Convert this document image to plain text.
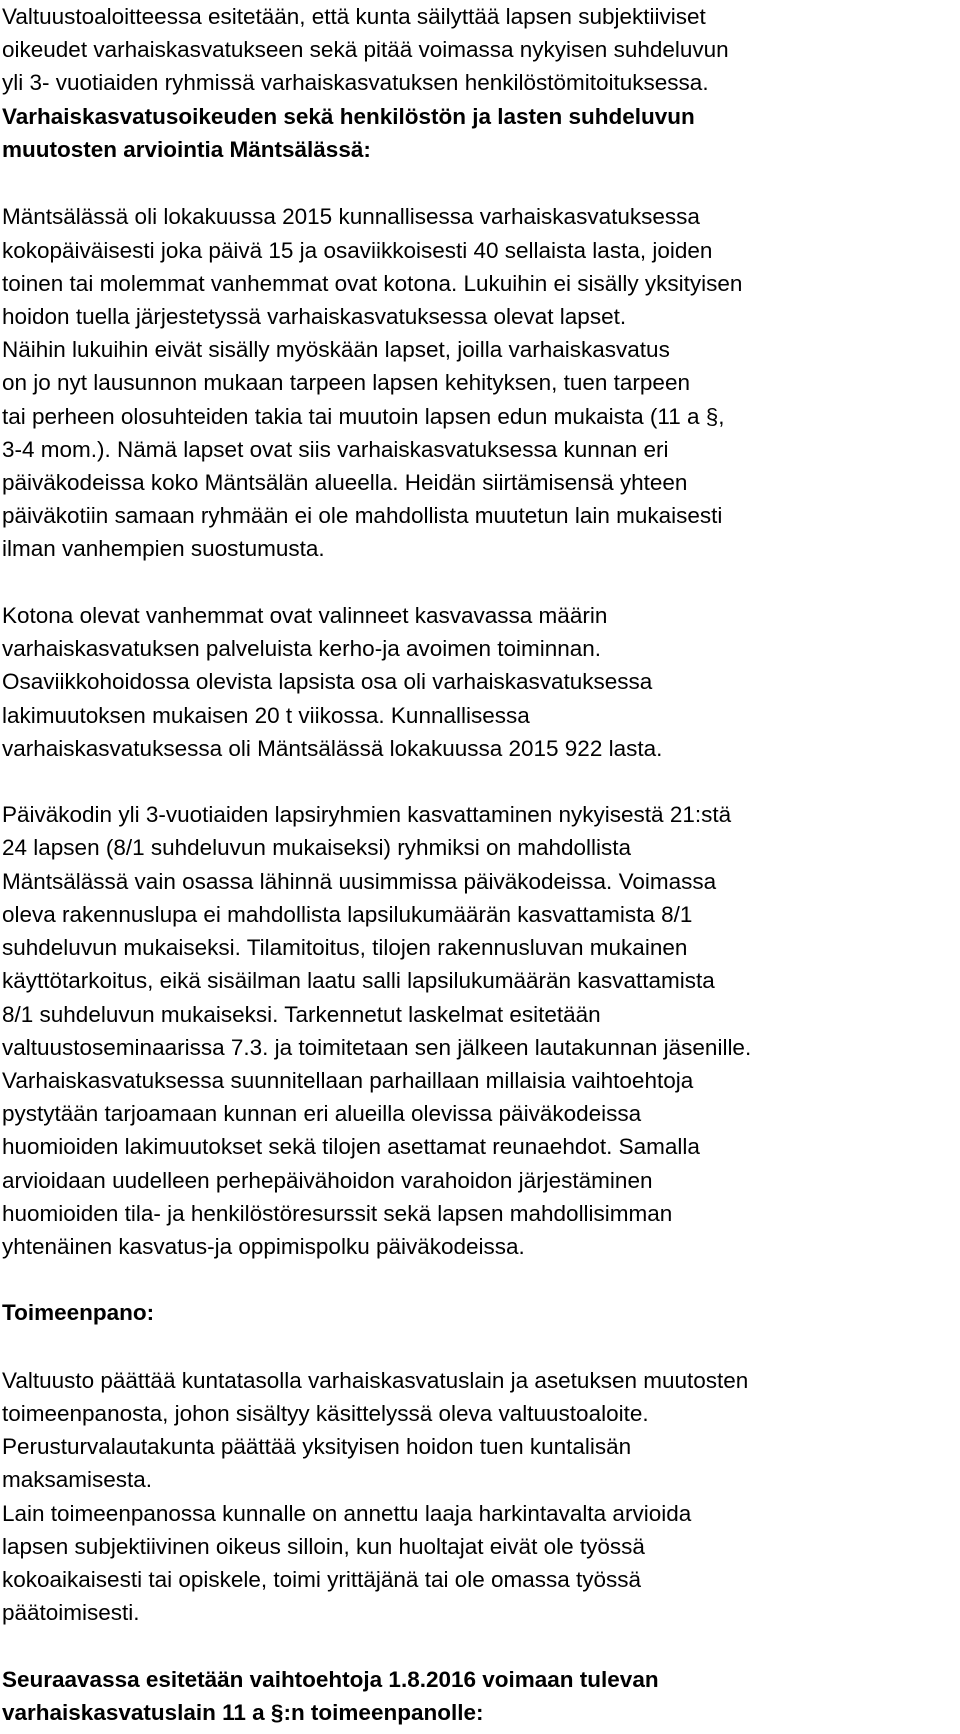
Valtuustoaloitteessa esitetään, että kunta säilyttää lapsen subjektiiviset

oikeudet varhaiskasvatukseen sekä pitää voimassa nykyisen suhdeluvun

yli 3- vuotiaiden ryhmissä varhaiskasvatuksen henkilöstömitoituksessa.

Varhaiskasvatusoikeuden sekä henkilöstön ja lasten suhdeluvun

muutosten arviointia Mäntsälässä:

Mäntsälässä oli lokakuussa 2015 kunnallisessa varhaiskasvatuksessa

kokopäiväisesti joka päivä 15 ja osaviikkoisesti 40 sellaista lasta, joiden

toinen tai molemmat vanhemmat ovat kotona. Lukuihin ei sisälly yksityisen

hoidon tuella järjestetyssä varhaiskasvatuksessa olevat lapset.

Näihin lukuihin eivät sisälly myöskään lapset, joilla varhaiskasvatus

on jo nyt lausunnon mukaan tarpeen lapsen kehityksen, tuen tarpeen

tai perheen olosuhteiden takia tai muutoin lapsen edun mukaista (11 a §,

3-4 mom.). Nämä lapset ovat siis varhaiskasvatuksessa kunnan eri

päiväkodeissa koko Mäntsälän alueella. Heidän siirtämisensä yhteen

päiväkotiin samaan ryhmään ei ole mahdollista muutetun lain mukaisesti

ilman vanhempien suostumusta.

Kotona olevat vanhemmat ovat valinneet kasvavassa määrin

varhaiskasvatuksen palveluista kerho-ja avoimen toiminnan.

Osaviikkohoidossa olevista lapsista osa oli varhaiskasvatuksessa

lakimuutoksen mukaisen 20 t viikossa. Kunnallisessa

varhaiskasvatuksessa oli Mäntsälässä lokakuussa 2015 922 lasta.

Päiväkodin yli 3-vuotiaiden lapsiryhmien kasvattaminen nykyisestä 21:stä

24 lapsen (8/1 suhdeluvun mukaiseksi) ryhmiksi on mahdollista

Mäntsälässä vain osassa lähinnä uusimmissa päiväkodeissa. Voimassa

oleva rakennuslupa ei mahdollista lapsilukumäärän kasvattamista 8/1

suhdeluvun mukaiseksi. Tilamitoitus, tilojen rakennusluvan mukainen

käyttötarkoitus, eikä sisäilman laatu salli lapsilukumäärän kasvattamista

8/1 suhdeluvun mukaiseksi. Tarkennetut laskelmat esitetään

valtuustoseminaarissa 7.3. ja toimitetaan sen jälkeen lautakunnan jäsenille.

Varhaiskasvatuksessa suunnitellaan parhaillaan millaisia vaihtoehtoja

pystytään tarjoamaan kunnan eri alueilla olevissa päiväkodeissa

huomioiden lakimuutokset sekä tilojen asettamat reunaehdot. Samalla

arvioidaan uudelleen perhepäivähoidon varahoidon järjestäminen

huomioiden tila- ja henkilöstöresurssit sekä lapsen mahdollisimman

yhtenäinen kasvatus-ja oppimispolku päiväkodeissa.

Toimeenpano:

Valtuusto päättää kuntatasolla varhaiskasvatuslain ja asetuksen muutosten

toimeenpanosta, johon sisältyy käsittelyssä oleva valtuustoaloite.

Perusturvalautakunta päättää yksityisen hoidon tuen kuntalisän

maksamisesta.

Lain toimeenpanossa kunnalle on annettu laaja harkintavalta arvioida

lapsen subjektiivinen oikeus silloin, kun huoltajat eivät ole työssä

kokoaikaisesti tai opiskele, toimi yrittäjänä tai ole omassa työssä

päätoimisesti.

Seuraavassa esitetään vaihtoehtoja 1.8.2016 voimaan tulevan

varhaiskasvatuslain 11 a §:n toimeenpanolle:
